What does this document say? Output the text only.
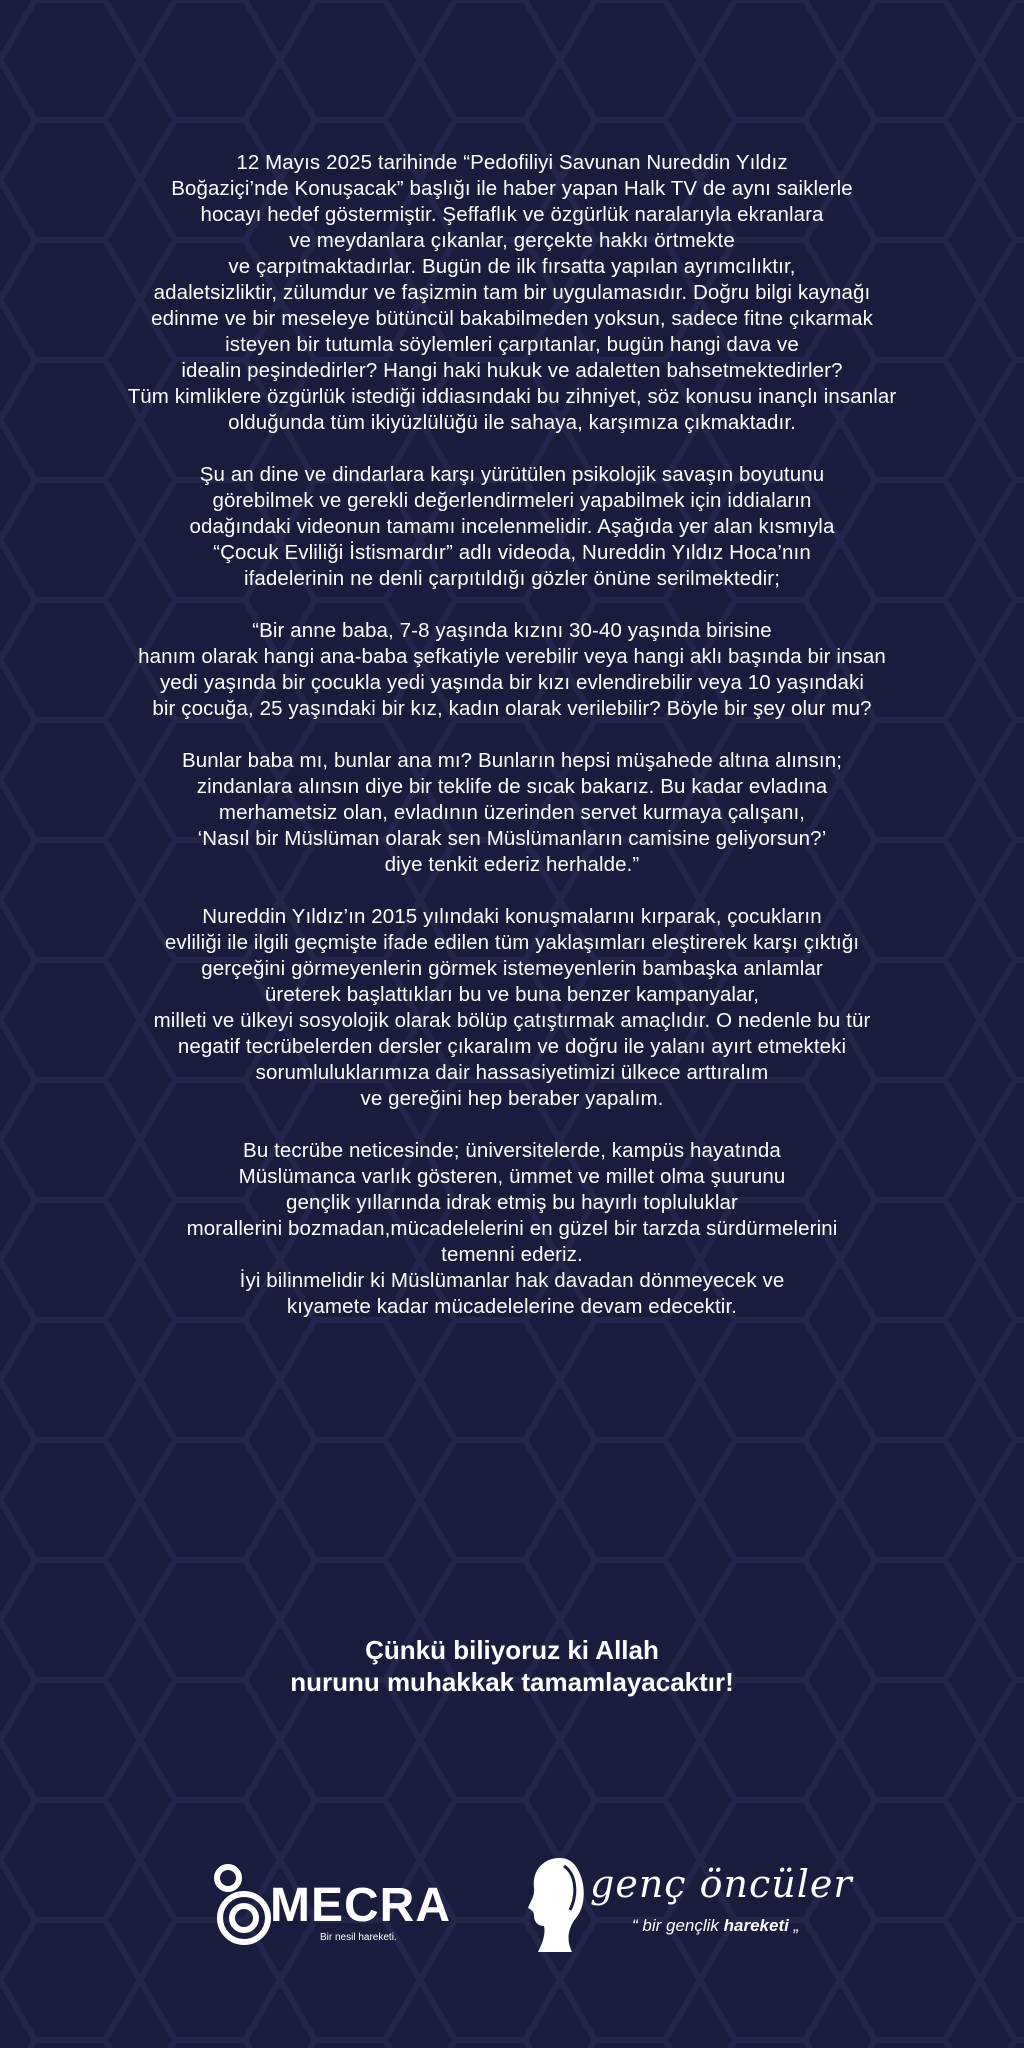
12 Mayıs 2025 tarihinde “Pedofiliyi Savunan Nureddin Yıldız
Boğaziçi’nde Konuşacak” başlığı ile haber yapan Halk TV de aynı saiklerle
hocayı hedef göstermiştir. Şeffaflık ve özgürlük naralarıyla ekranlara
ve meydanlara çıkanlar, gerçekte hakkı örtmekte
ve çarpıtmaktadırlar. Bugün de ilk fırsatta yapılan ayrımcılıktır,
adaletsizliktir, zülumdur ve faşizmin tam bir uygulamasıdır. Doğru bilgi kaynağı
edinme ve bir meseleye bütüncül bakabilmeden yoksun, sadece fitne çıkarmak
isteyen bir tutumla söylemleri çarpıtanlar, bugün hangi dava ve
idealin peşindedirler? Hangi haki hukuk ve adaletten bahsetmektedirler?
Tüm kimliklere özgürlük istediği iddiasındaki bu zihniyet, söz konusu inançlı insanlar
olduğunda tüm ikiyüzlülüğü ile sahaya, karşımıza çıkmaktadır.
Şu an dine ve dindarlara karşı yürütülen psikolojik savaşın boyutunu
görebilmek ve gerekli değerlendirmeleri yapabilmek için iddiaların
odağındaki videonun tamamı incelenmelidir. Aşağıda yer alan kısmıyla
“Çocuk Evliliği İstismardır” adlı videoda, Nureddin Yıldız Hoca’nın
ifadelerinin ne denli çarpıtıldığı gözler önüne serilmektedir;
“Bir anne baba, 7-8 yaşında kızını 30-40 yaşında birisine
hanım olarak hangi ana-baba şefkatiyle verebilir veya hangi aklı başında bir insan
yedi yaşında bir çocukla yedi yaşında bir kızı evlendirebilir veya 10 yaşındaki
bir çocuğa, 25 yaşındaki bir kız, kadın olarak verilebilir? Böyle bir şey olur mu?
Bunlar baba mı, bunlar ana mı? Bunların hepsi müşahede altına alınsın;
zindanlara alınsın diye bir teklife de sıcak bakarız. Bu kadar evladına
merhametsiz olan, evladının üzerinden servet kurmaya çalışanı,
‘Nasıl bir Müslüman olarak sen Müslümanların camisine geliyorsun?’
diye tenkit ederiz herhalde.”
Nureddin Yıldız’ın 2015 yılındaki konuşmalarını kırparak, çocukların
evliliği ile ilgili geçmişte ifade edilen tüm yaklaşımları eleştirerek karşı çıktığı
gerçeğini görmeyenlerin görmek istemeyenlerin bambaşka anlamlar
üreterek başlattıkları bu ve buna benzer kampanyalar,
milleti ve ülkeyi sosyolojik olarak bölüp çatıştırmak amaçlıdır. O nedenle bu tür
negatif tecrübelerden dersler çıkaralım ve doğru ile yalanı ayırt etmekteki
sorumluluklarımıza dair hassasiyetimizi ülkece arttıralım
ve gereğini hep beraber yapalım.
Bu tecrübe neticesinde; üniversitelerde, kampüs hayatında
Müslümanca varlık gösteren, ümmet ve millet olma şuurunu
gençlik yıllarında idrak etmiş bu hayırlı topluluklar
morallerini bozmadan,mücadelelerini en güzel bir tarzda sürdürmelerini
temenni ederiz.
İyi bilinmelidir ki Müslümanlar hak davadan dönmeyecek ve
kıyamete kadar mücadelelerine devam edecektir.
Çünkü biliyoruz ki Allah
nurunu muhakkak tamamlayacaktır!
MECRA
Bir nesil hareketi.
genç öncüler
“ bir gençlik hareketi „
